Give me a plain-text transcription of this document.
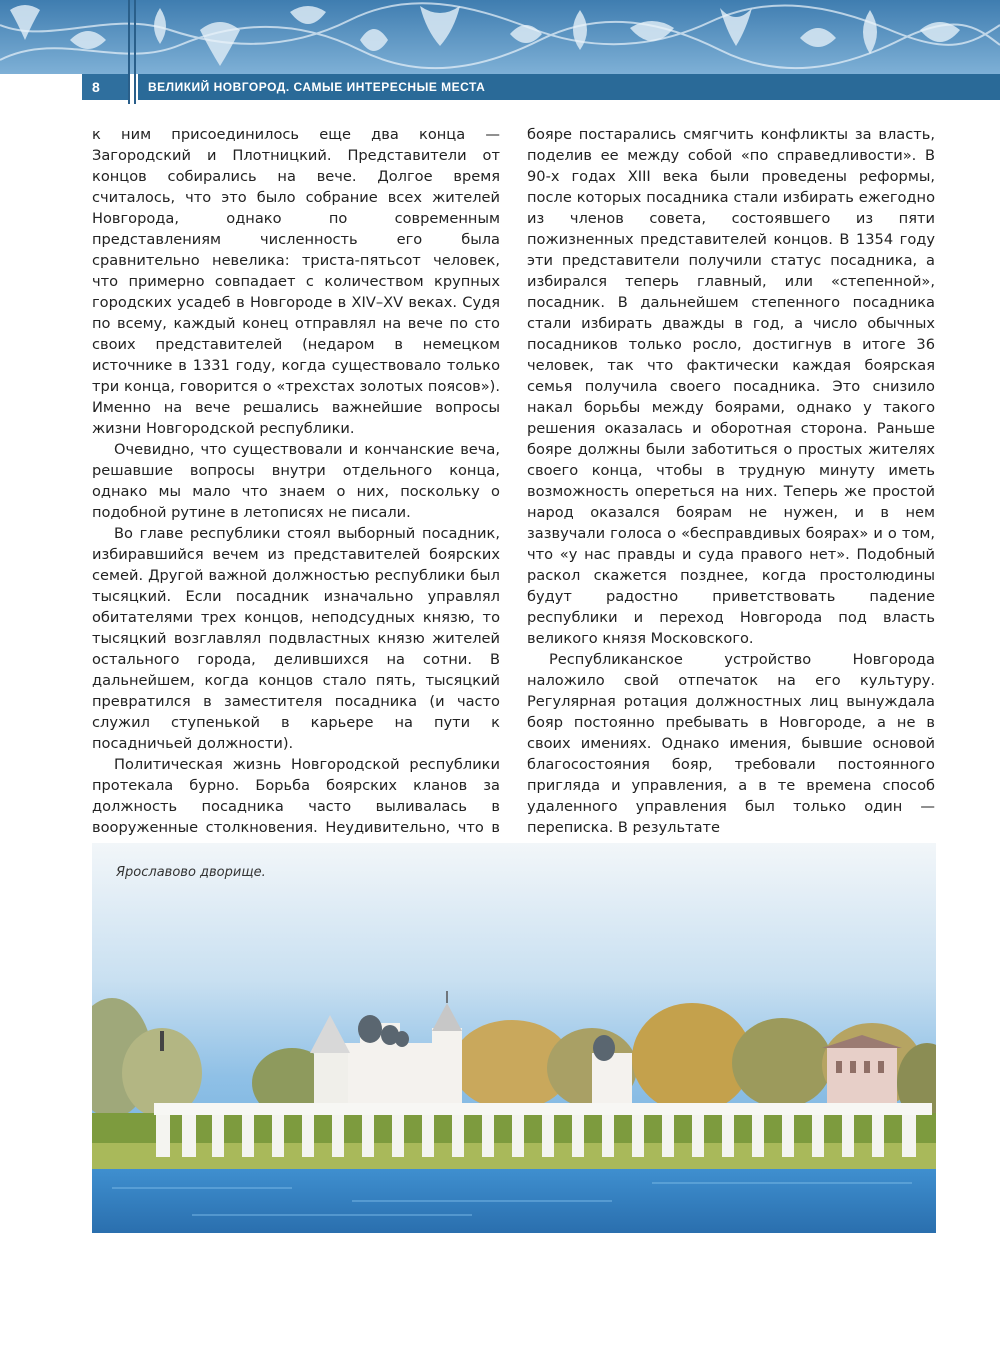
8	ВЕЛИКИЙ НОВГОРОД. САМЫЕ ИНТЕРЕСНЫЕ МЕСТА

к ним присоединилось еще два конца — Загородский и Плотницкий. Представители от концов собирались на вече. Долгое время считалось, что это было собрание всех жителей Новгорода, однако по современным представлениям численность его была сравнительно невелика: триста-пятьсот человек, что примерно совпадает с количеством крупных городских усадеб в Новгороде в XIV–XV веках. Судя по всему, каждый конец отправлял на вече по сто своих представителей (недаром в немецком источнике в 1331 году, когда существовало только три конца, говорится о «трехстах золотых поясов»). Именно на вече решались важнейшие вопросы жизни Новгородской республики.

Очевидно, что существовали и кончанские веча, решавшие вопросы внутри отдельного конца, однако мы мало что знаем о них, поскольку о подобной рутине в летописях не писали.

Во главе республики стоял выборный посадник, избиравшийся вечем из представителей боярских семей. Другой важной должностью республики был тысяцкий. Если посадник изначально управлял обитателями трех концов, неподсудных князю, то тысяцкий возглавлял подвластных князю жителей остального города, делившихся на сотни. В дальнейшем, когда концов стало пять, тысяцкий превратился в заместителя посадника (и часто служил ступенькой в карьере на пути к посадничьей должности).

Политическая жизнь Новгородской республики протекала бурно. Борьба боярских кланов за должность посадника часто выливалась в вооруженные столкновения. Неудивительно, что в

бояре постарались смягчить конфликты за власть, поделив ее между собой «по справедливости». В 90-х годах XIII века были проведены реформы, после которых посадника стали избирать ежегодно из членов совета, состоявшего из пяти пожизненных представителей концов. В 1354 году эти представители получили статус посадника, а избирался теперь главный, или «степенной», посадник. В дальнейшем степенного посадника стали избирать дважды в год, а число обычных посадников только росло, достигнув в итоге 36 человек, так что фактически каждая боярская семья получила своего посадника. Это снизило накал борьбы между боярами, однако у такого решения оказалась и оборотная сторона. Раньше бояре должны были заботиться о простых жителях своего конца, чтобы в трудную минуту иметь возможность опереться на них. Теперь же простой народ оказался боярам не нужен, и в нем зазвучали голоса о «бесправдивых боярах» и о том, что «у нас правды и суда правого нет». Подобный раскол скажется позднее, когда простолюдины будут радостно приветствовать падение республики и переход Новгорода под власть великого князя Московского.

Республиканское устройство Новгорода наложило свой отпечаток на его культуру. Регулярная ротация должностных лиц вынуждала бояр постоянно пребывать в Новгороде, а не в своих имениях. Однако имения, бывшие основой благосостояния бояр, требовали постоянного пригляда и управления, а в те времена способ удаленного управления был только один — переписка. В результате

Ярославово дворище.
